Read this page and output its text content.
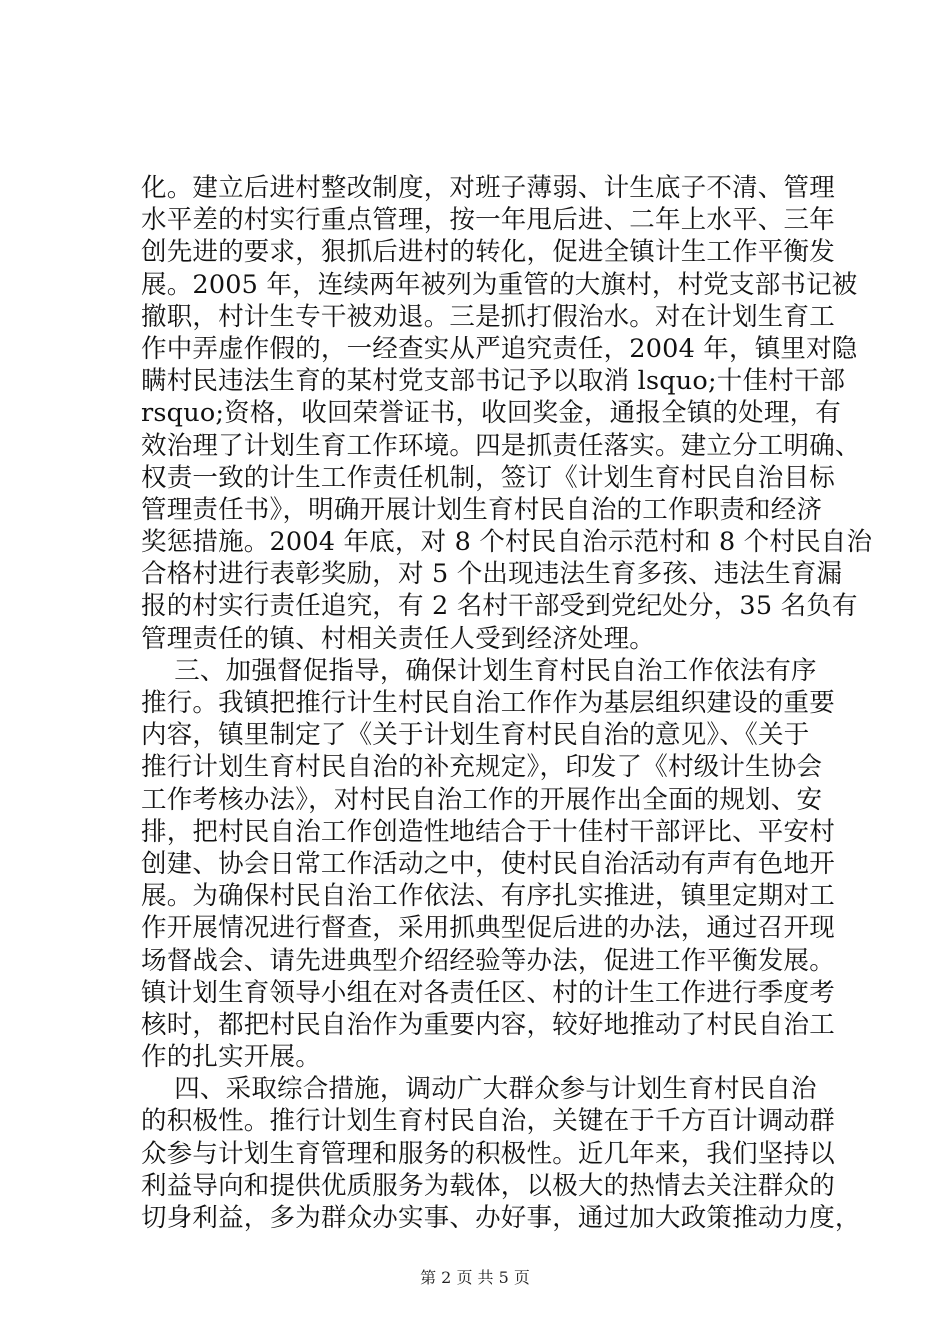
化。建立后进村整改制度，对班子薄弱、计生底子不清、管理
水平差的村实行重点管理，按一年甩后进、二年上水平、三年
创先进的要求，狠抓后进村的转化，促进全镇计生工作平衡发
展。2005 年，连续两年被列为重管的大旗村，村党支部书记被
撤职，村计生专干被劝退。三是抓打假治水。对在计划生育工
作中弄虚作假的，一经查实从严追究责任，2004 年，镇里对隐
瞒村民违法生育的某村党支部书记予以取消 lsquo;十佳村干部
rsquo;资格，收回荣誉证书，收回奖金，通报全镇的处理，有
效治理了计划生育工作环境。四是抓责任落实。建立分工明确、
权责一致的计生工作责任机制，签订《计划生育村民自治目标
管理责任书》，明确开展计划生育村民自治的工作职责和经济
奖惩措施。2004 年底，对 8 个村民自治示范村和 8 个村民自治
合格村进行表彰奖励，对 5 个出现违法生育多孩、违法生育漏
报的村实行责任追究，有 2 名村干部受到党纪处分，35 名负有
管理责任的镇、村相关责任人受到经济处理。
三、加强督促指导，确保计划生育村民自治工作依法有序
推行。我镇把推行计生村民自治工作作为基层组织建设的重要
内容，镇里制定了《关于计划生育村民自治的意见》、《关于
推行计划生育村民自治的补充规定》，印发了《村级计生协会
工作考核办法》，对村民自治工作的开展作出全面的规划、安
排，把村民自治工作创造性地结合于十佳村干部评比、平安村
创建、协会日常工作活动之中，使村民自治活动有声有色地开
展。为确保村民自治工作依法、有序扎实推进，镇里定期对工
作开展情况进行督查，采用抓典型促后进的办法，通过召开现
场督战会、请先进典型介绍经验等办法，促进工作平衡发展。
镇计划生育领导小组在对各责任区、村的计生工作进行季度考
核时，都把村民自治作为重要内容，较好地推动了村民自治工
作的扎实开展。
四、采取综合措施，调动广大群众参与计划生育村民自治
的积极性。推行计划生育村民自治，关键在于千方百计调动群
众参与计划生育管理和服务的积极性。近几年来，我们坚持以
利益导向和提供优质服务为载体，以极大的热情去关注群众的
切身利益，多为群众办实事、办好事，通过加大政策推动力度，
第 2 页 共 5 页
